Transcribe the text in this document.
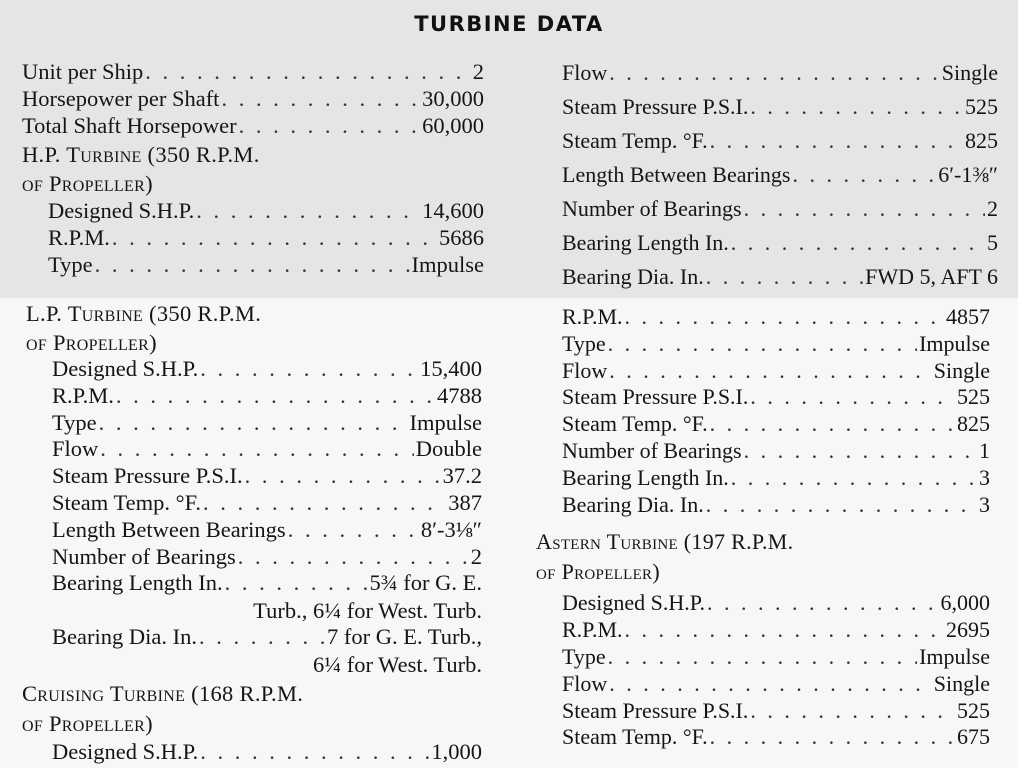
TURBINE DATA
Unit per Ship . . .	2
Horsepower per Shaft . . .	30,000
Total Shaft Horsepower . . .	60,000
H.P. Turbine (350 R.P.M.
of Propeller)
Designed S.H.P. . . .	14,600
R.P.M. . . .	5686
Type . . .	Impulse
Flow . . .	Single
Steam Pressure P.S.I. . . .	525
Steam Temp. °F. . . .	825
Length Between Bearings . . .	6′-1⅜″
Number of Bearings . . .	2
Bearing Length In. . . .	5
Bearing Dia. In. . . .	FWD 5, AFT 6
L.P. Turbine (350 R.P.M.
of Propeller)
Designed S.H.P. . . .	15,400
R.P.M. . . .	4788
Type . . .	Impulse
Flow . . .	Double
Steam Pressure P.S.I. . . .	37.2
Steam Temp. °F. . . .	387
Length Between Bearings . . .	8′-3⅛″
Number of Bearings . . .	2
Bearing Length In. . . .	5¾ for G. E.
Turb., 6¼ for West. Turb.
Bearing Dia. In. . . .	7 for G. E. Turb.,
6¼ for West. Turb.
Cruising Turbine (168 R.P.M.
of Propeller)
Designed S.H.P. . . .	1,000
R.P.M. . . .	4857
Type . . .	Impulse
Flow . . .	Single
Steam Pressure P.S.I. . . .	525
Steam Temp. °F. . . .	825
Number of Bearings . . .	1
Bearing Length In. . . .	3
Bearing Dia. In. . . .	3
Astern Turbine (197 R.P.M.
of Propeller)
Designed S.H.P. . . .	6,000
R.P.M. . . .	2695
Type . . .	Impulse
Flow . . .	Single
Steam Pressure P.S.I. . . .	525
Steam Temp. °F. . . .	675
